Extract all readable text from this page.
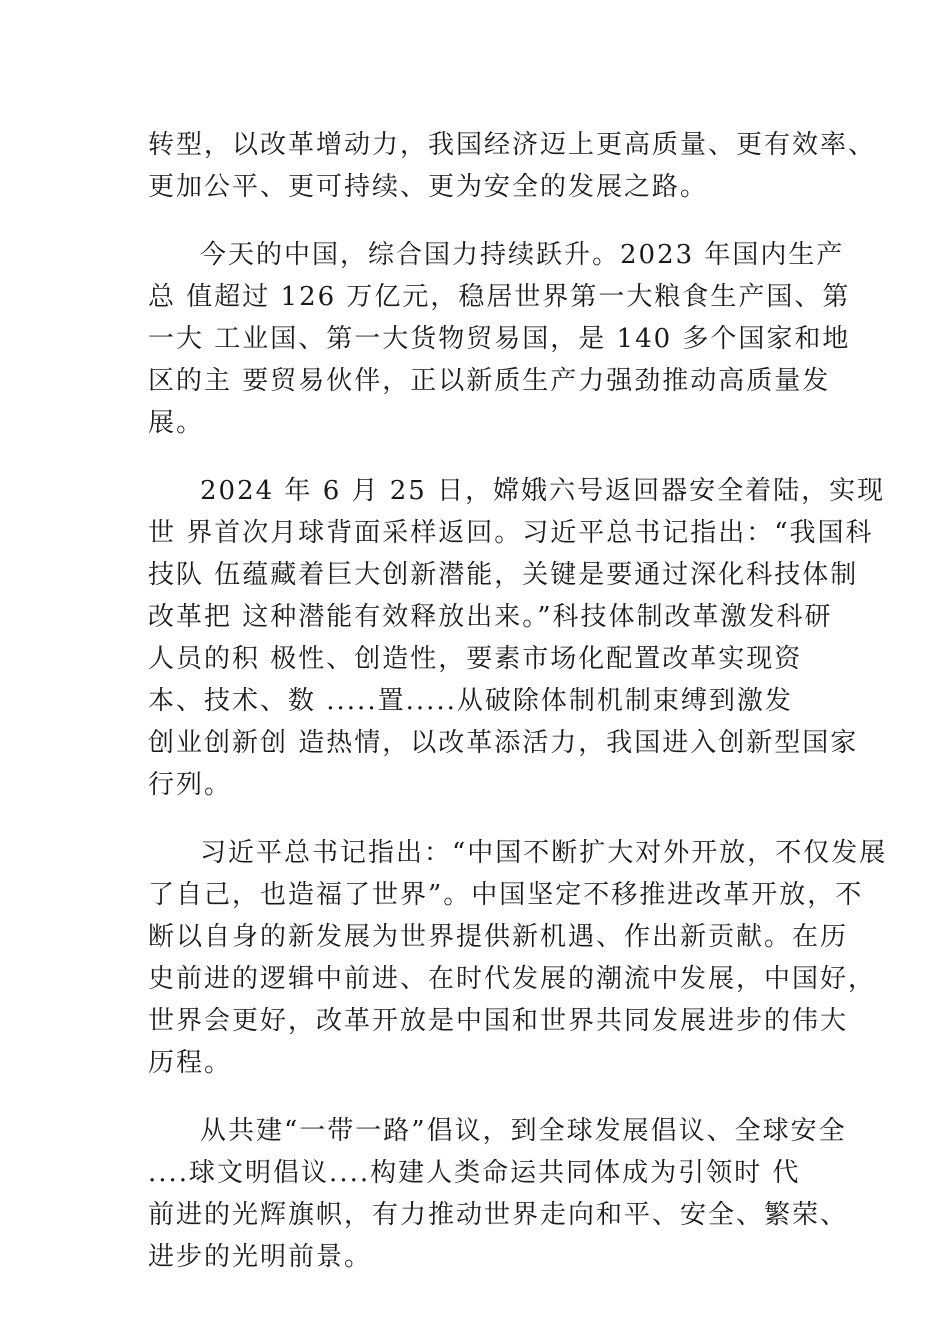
转型，以改革增动力，我国经济迈上更高质量、更有效率、
更加公平、更可持续、更为安全的发展之路。
今天的中国，综合国力持续跃升。2023 年国内生产
总 值超过 126 万亿元，稳居世界第一大粮食生产国、第
一大 工业国、第一大货物贸易国，是 140 多个国家和地
区的主 要贸易伙伴，正以新质生产力强劲推动高质量发
展。
2024 年 6 月 25 日，嫦娥六号返回器安全着陆，实现
世 界首次月球背面采样返回。习近平总书记指出：“我国科
技队 伍蕴藏着巨大创新潜能，关键是要通过深化科技体制
改革把 这种潜能有效释放出来。”科技体制改革激发科研
人员的积 极性、创造性，要素市场化配置改革实现资
本、技术、数 .....置.....从破除体制机制束缚到激发
创业创新创 造热情，以改革添活力，我国进入创新型国家
行列。
习近平总书记指出：“中国不断扩大对外开放，不仅发展
了自己，也造福了世界”。中国坚定不移推进改革开放，不
断以自身的新发展为世界提供新机遇、作出新贡献。在历
史前进的逻辑中前进、在时代发展的潮流中发展，中国好，
世界会更好，改革开放是中国和世界共同发展进步的伟大
历程。
从共建“一带一路”倡议，到全球发展倡议、全球安全
....球文明倡议....构建人类命运共同体成为引领时 代
前进的光辉旗帜，有力推动世界走向和平、安全、繁荣、
进步的光明前景。
